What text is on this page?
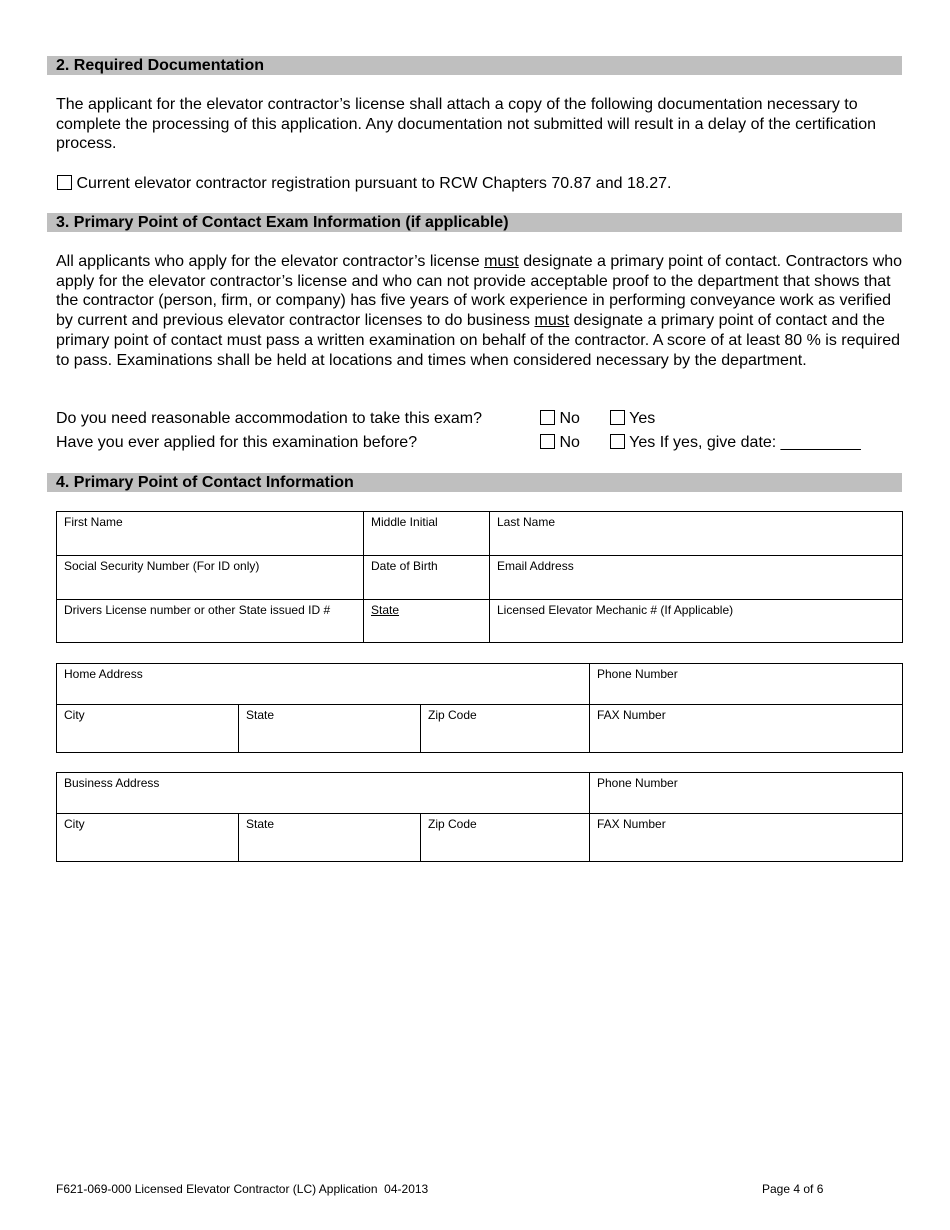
2. Required Documentation

The applicant for the elevator contractor’s license shall attach a copy of the following documentation necessary to complete the processing of this application. Any documentation not submitted will result in a delay of the certification process.

Current elevator contractor registration pursuant to RCW Chapters 70.87 and 18.27.
3. Primary Point of Contact Exam Information (if applicable)

All applicants who apply for the elevator contractor’s license must designate a primary point of contact. Contractors who apply for the elevator contractor’s license and who can not provide acceptable proof to the department that shows that the contractor (person, firm, or company) has five years of work experience in performing conveyance work as verified by current and previous elevator contractor licenses to do business must designate a primary point of contact and the primary point of contact must pass a written examination on behalf of the contractor. A score of at least 80 % is required to pass. Examinations shall be held at locations and times when considered necessary by the department.

Do you need reasonable accommodation to take this exam?	No	Yes
Have you ever applied for this examination before?	No	Yes If yes, give date: _________
4. Primary Point of Contact Information
First Name	Middle Initial	Last Name
Social Security Number (For ID only)	Date of Birth	Email Address
Drivers License number or other State issued ID #	State	Licensed Elevator Mechanic # (If Applicable)
Home Address			Phone Number
City	State	Zip Code	FAX Number
Business Address			Phone Number
City	State	Zip Code	FAX Number
F621-069-000 Licensed Elevator Contractor (LC) Application  04-2013	Page 4 of 6
